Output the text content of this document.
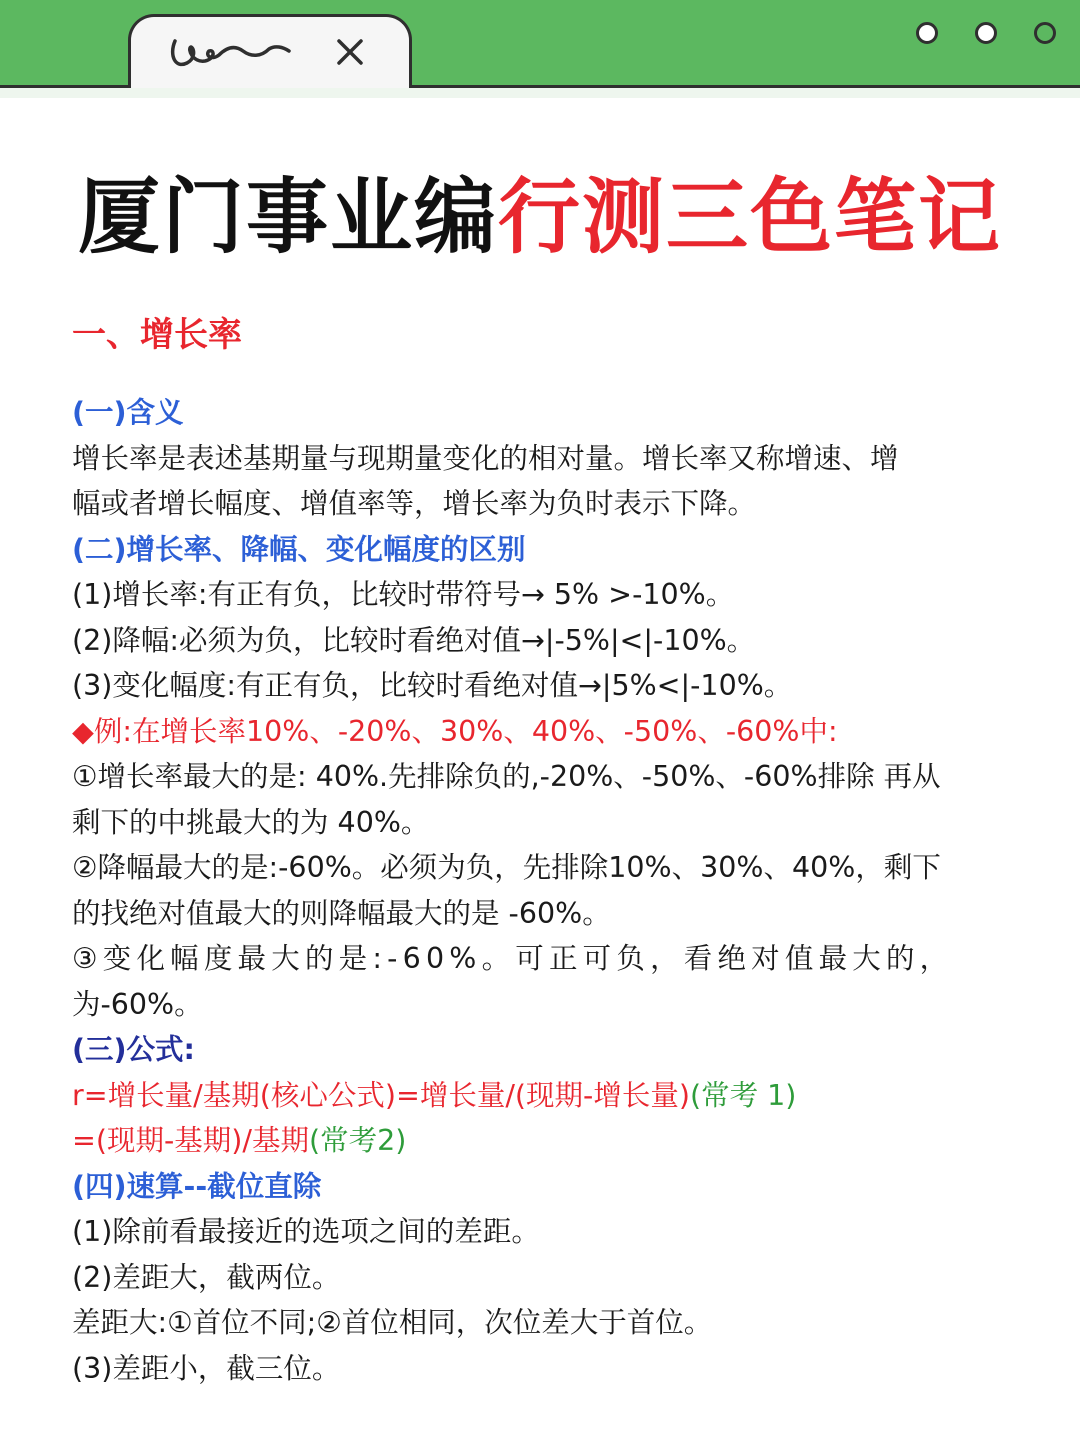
厦门事业编行测三色笔记
一、增长率
(一)含义
增长率是表述基期量与现期量变化的相对量。增长率又称增速、增
幅或者增长幅度、增值率等，增长率为负时表示下降。
(二)增长率、降幅、变化幅度的区别
(1)增长率:有正有负，比较时带符号→ 5% >-10%。
(2)降幅:必须为负，比较时看绝对值→|-5%|<|-10%。
(3)变化幅度:有正有负，比较时看绝对值→|5%<|-10%。
◆例:在增长率10%、-20%、30%、40%、-50%、-60%中:
①增长率最大的是: 40%.先排除负的,-20%、-50%、-60%排除 再从
剩下的中挑最大的为 40%。
②降幅最大的是:-60%。必须为负，先排除10%、30%、40%，剩下
的找绝对值最大的则降幅最大的是 -60%。
③变化幅度最大的是:-60%。可正可负，看绝对值最大的，
为-60%。
(三)公式:
r=增长量/基期(核心公式)=增长量/(现期-增长量)(常考 1)
=(现期-基期)/基期(常考2)
(四)速算--截位直除
(1)除前看最接近的选项之间的差距。
(2)差距大，截两位。
差距大:①首位不同;②首位相同，次位差大于首位。
(3)差距小，截三位。
